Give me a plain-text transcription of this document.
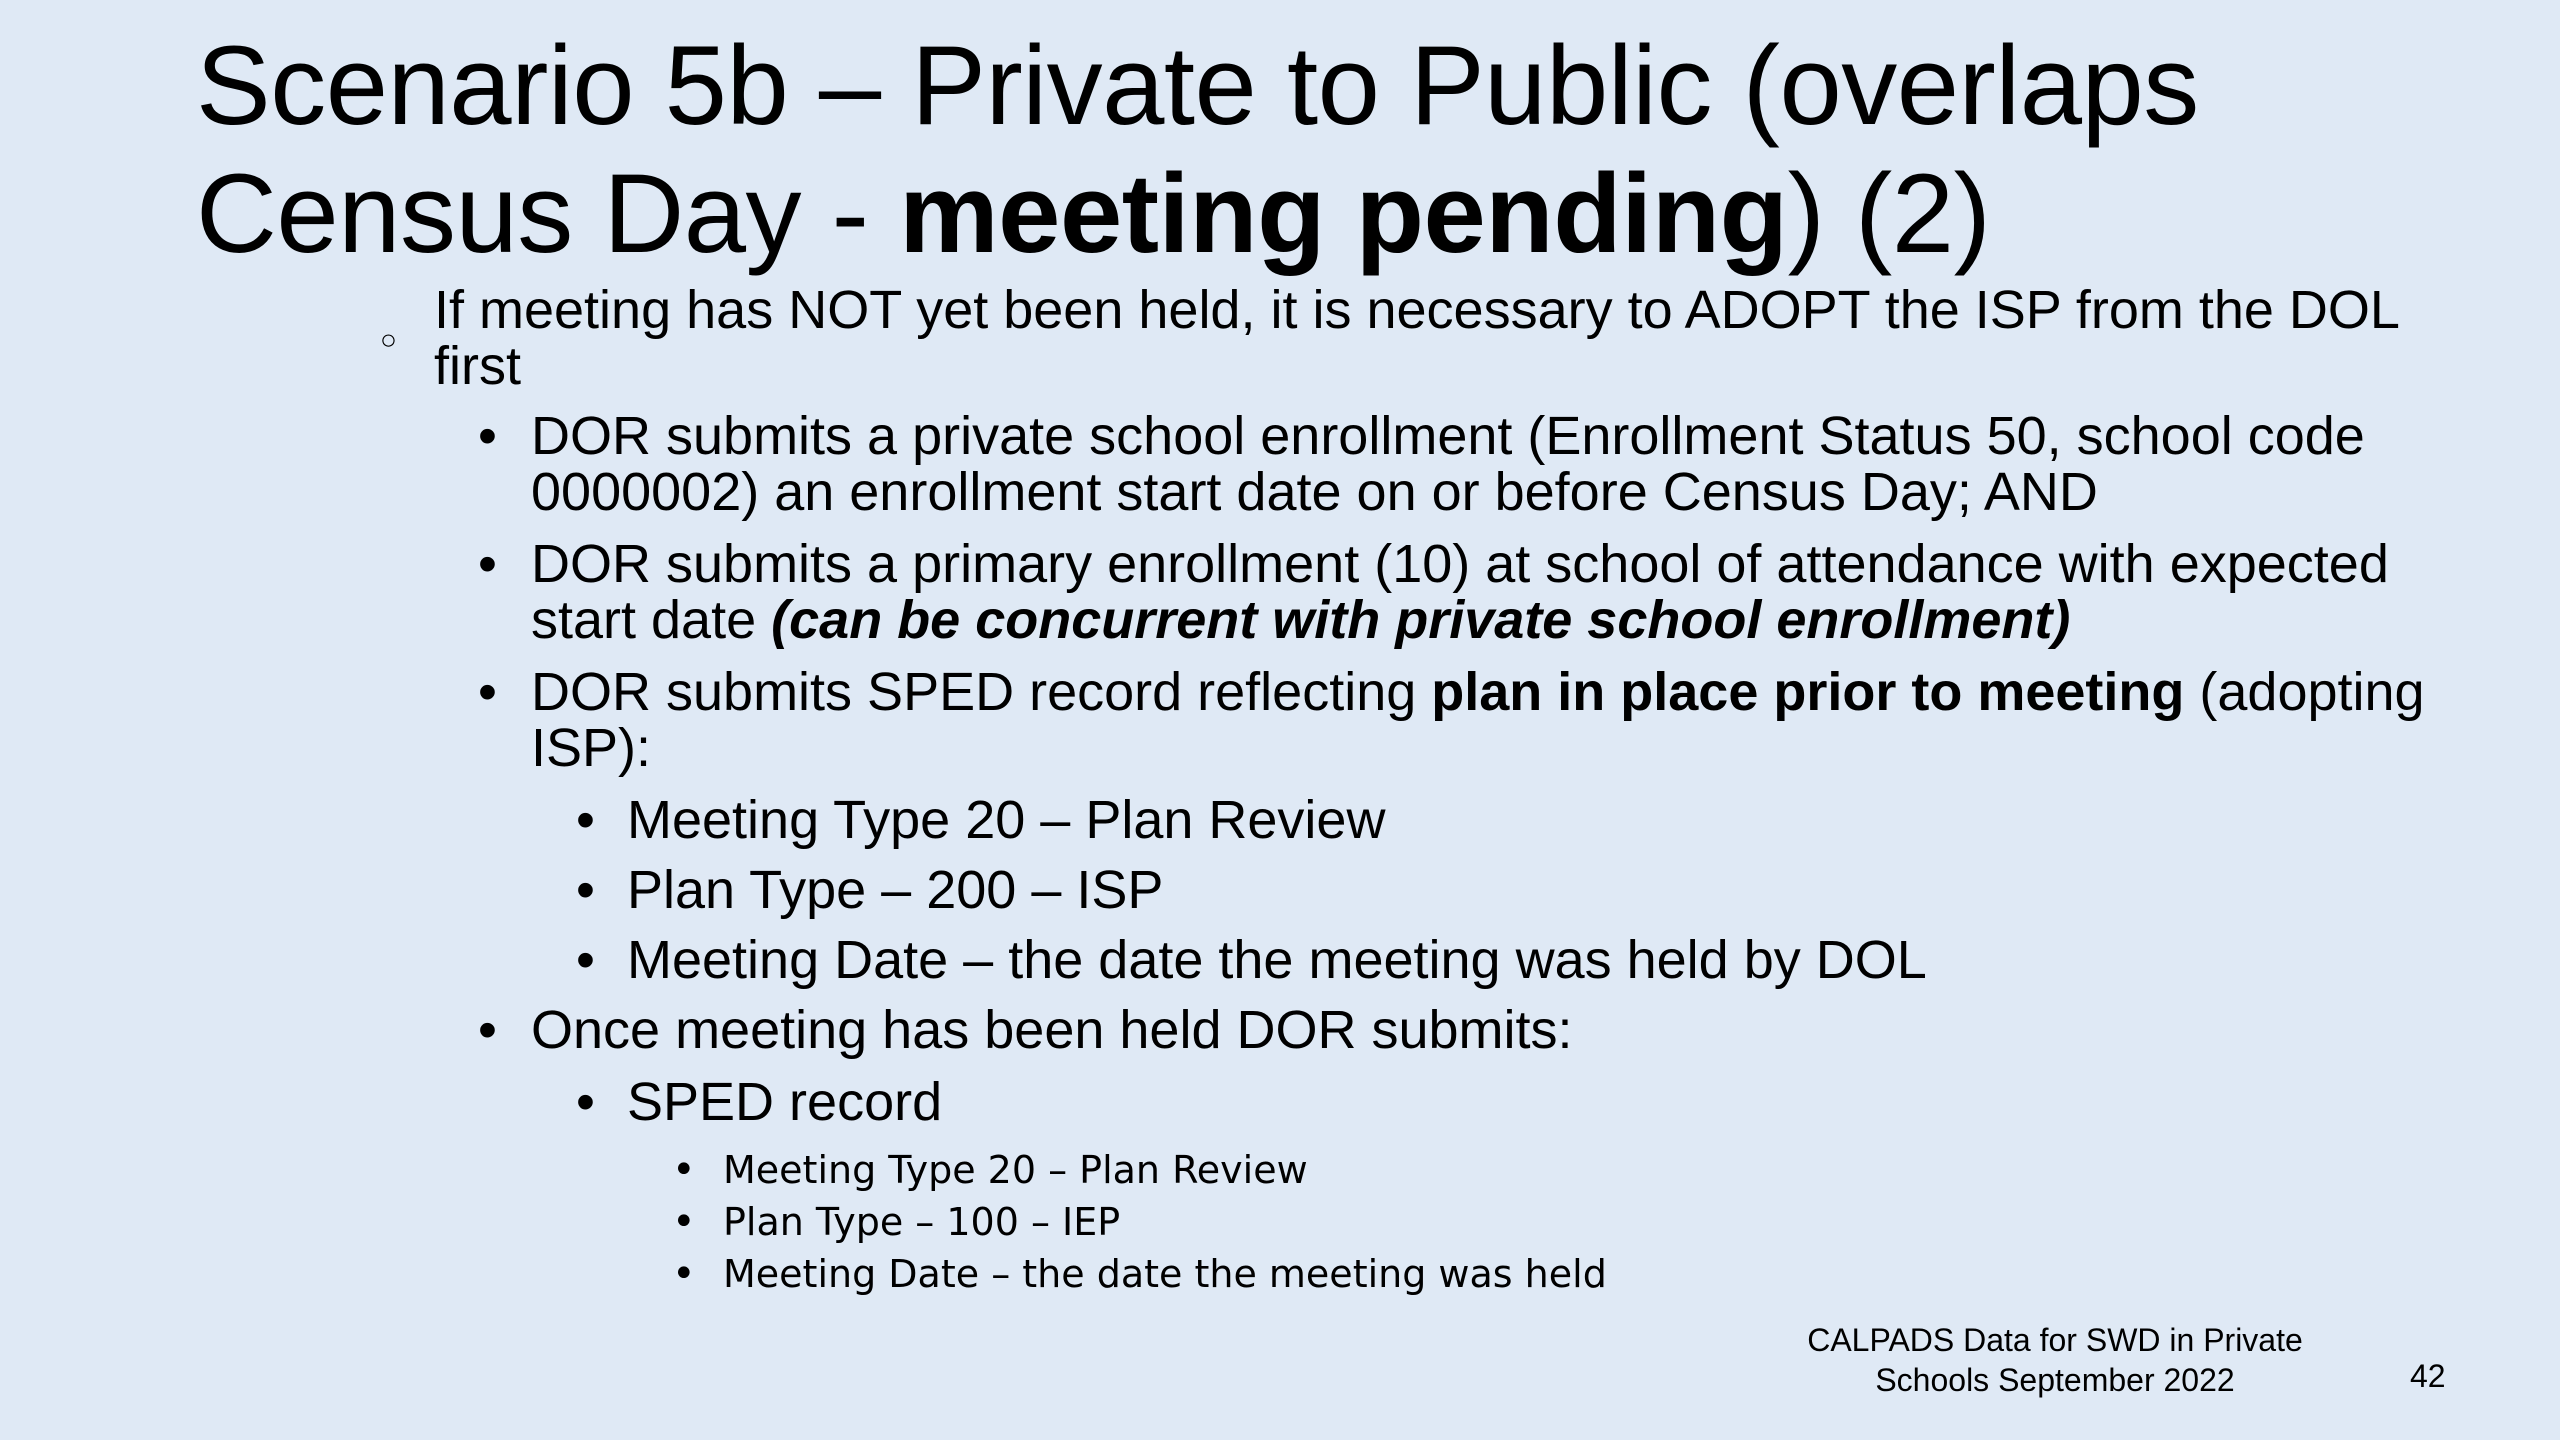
Scenario 5b – Private to Public (overlaps Census Day - meeting pending) (2)
○ If meeting has NOT yet been held, it is necessary to ADOPT the ISP from the DOL first
• DOR submits a private school enrollment (Enrollment Status 50, school code 0000002) an enrollment start date on or before Census Day; AND
• DOR submits a primary enrollment (10) at school of attendance with expected start date (can be concurrent with private school enrollment)
• DOR submits SPED record reflecting plan in place prior to meeting (adopting ISP):
• Meeting Type 20 – Plan Review
• Plan Type – 200 – ISP
• Meeting Date – the date the meeting was held by DOL
• Once meeting has been held DOR submits:
• SPED record
• Meeting Type 20 – Plan Review
• Plan Type – 100 – IEP
• Meeting Date – the date the meeting was held
CALPADS Data for SWD in Private Schools September 2022	42
